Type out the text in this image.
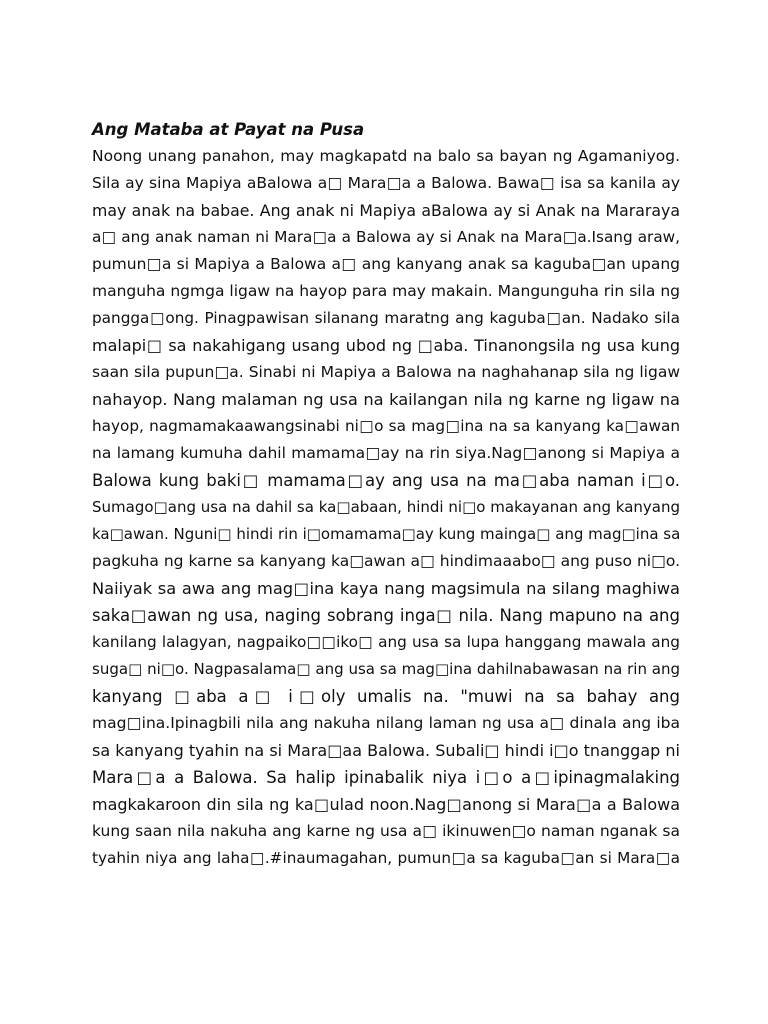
Ang Mataba at Payat na Pusa
Noong unang panahon, may magkapatd na balo sa bayan ng Agamaniyog.
Sila ay sina Mapiya aBalowa a□ Mara□a a Balowa. Bawa□ isa sa kanila ay
may anak na babae. Ang anak ni Mapiya aBalowa ay si Anak na Mararaya
a□ ang anak naman ni Mara□a a Balowa ay si Anak na Mara□a.Isang araw,
pumun□a si Mapiya a Balowa a□ ang kanyang anak sa kaguba□an upang
manguha ngmga ligaw na hayop para may makain. Mangunguha rin sila ng
pangga□ong. Pinagpawisan silanang maratng ang kaguba□an. Nadako sila
malapi□ sa nakahigang usang ubod ng □aba. Tinanongsila ng usa kung
saan sila pupun□a. Sinabi ni Mapiya a Balowa na naghahanap sila ng ligaw
nahayop. Nang malaman ng usa na kailangan nila ng karne ng ligaw na
hayop, nagmamakaawangsinabi ni□o sa mag□ina na sa kanyang ka□awan
na lamang kumuha dahil mamama□ay na rin siya.Nag□anong si Mapiya a
Balowa kung baki□ mamama□ay ang usa na ma□aba naman i□o.
Sumago□ang usa na dahil sa ka□abaan, hindi ni□o makayanan ang kanyang
ka□awan. Nguni□ hindi rin i□omamama□ay kung mainga□ ang mag□ina sa
pagkuha ng karne sa kanyang ka□awan a□ hindimaaabo□ ang puso ni□o.
Naiiyak sa awa ang mag□ina kaya nang magsimula na silang maghiwa
saka□awan ng usa, naging sobrang inga□ nila. Nang mapuno na ang
kanilang lalagyan, nagpaiko□□iko□ ang usa sa lupa hanggang mawala ang
suga□ ni□o. Nagpasalama□ ang usa sa mag□ina dahilnabawasan na rin ang
kanyang □aba a□ i□oly umalis na. "muwi na sa bahay ang
mag□ina.Ipinagbili nila ang nakuha nilang laman ng usa a□ dinala ang iba
sa kanyang tyahin na si Mara□aa Balowa. Subali□ hindi i□o tnanggap ni
Mara□a a Balowa. Sa halip ipinabalik niya i□o a□ipinagmalaking
magkakaroon din sila ng ka□ulad noon.Nag□anong si Mara□a a Balowa
kung saan nila nakuha ang karne ng usa a□ ikinuwen□o naman nganak sa
tyahin niya ang laha□.#inaumagahan, pumun□a sa kaguba□an si Mara□a
